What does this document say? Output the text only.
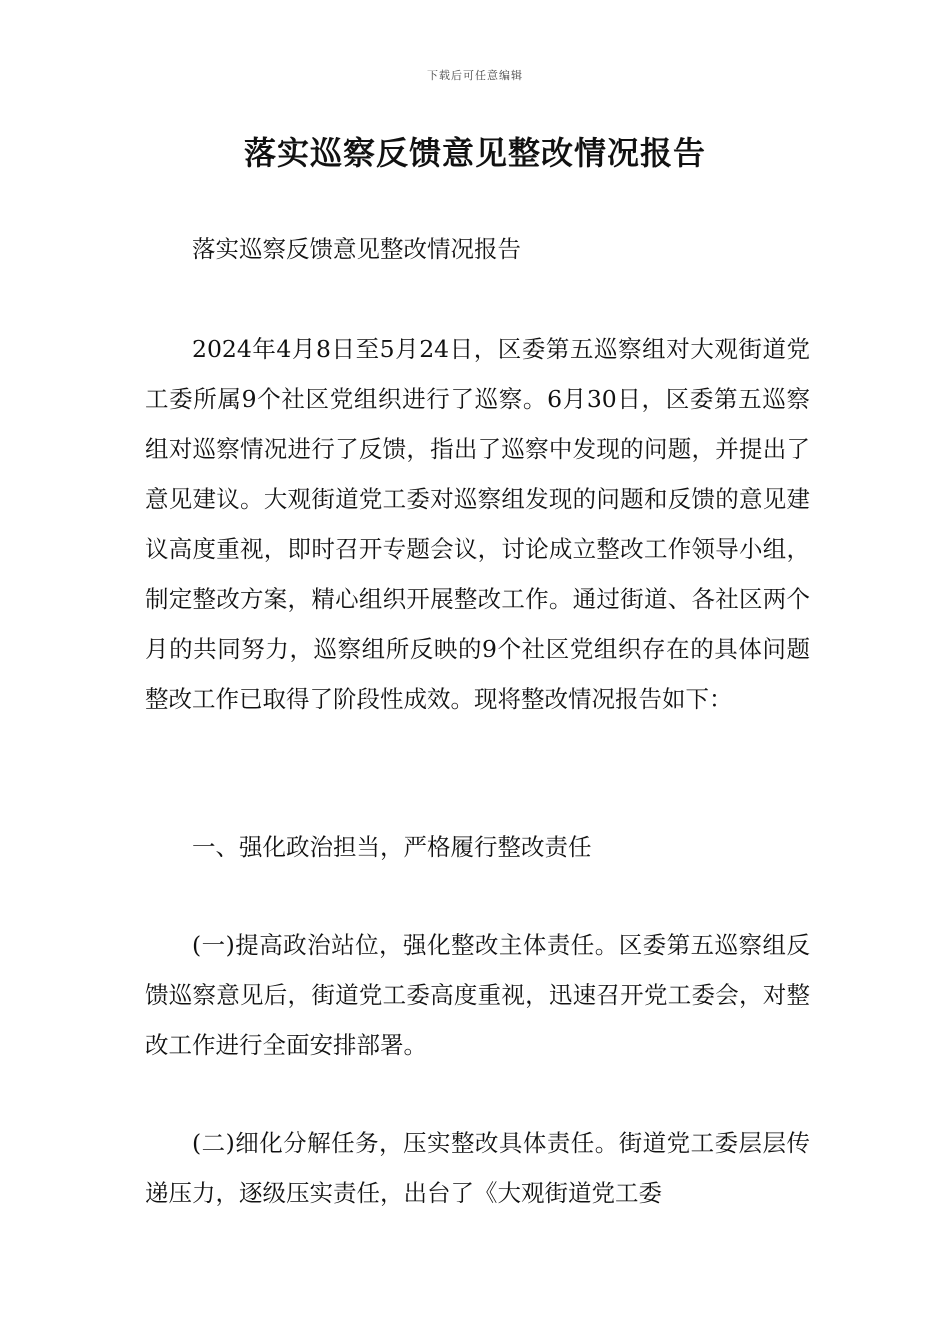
下载后可任意编辑
落实巡察反馈意见整改情况报告

落实巡察反馈意见整改情况报告

2024年4月8日至5月24日，区委第五巡察组对大观街道党工委所属9个社区党组织进行了巡察。6月30日，区委第五巡察组对巡察情况进行了反馈，指出了巡察中发现的问题，并提出了意见建议。大观街道党工委对巡察组发现的问题和反馈的意见建议高度重视，即时召开专题会议，讨论成立整改工作领导小组，制定整改方案，精心组织开展整改工作。通过街道、各社区两个月的共同努力，巡察组所反映的9个社区党组织存在的具体问题整改工作已取得了阶段性成效。现将整改情况报告如下：

一、强化政治担当，严格履行整改责任

(一)提高政治站位，强化整改主体责任。区委第五巡察组反馈巡察意见后，街道党工委高度重视，迅速召开党工委会，对整改工作进行全面安排部署。

(二)细化分解任务，压实整改具体责任。街道党工委层层传递压力，逐级压实责任，出台了《大观街道党工委
